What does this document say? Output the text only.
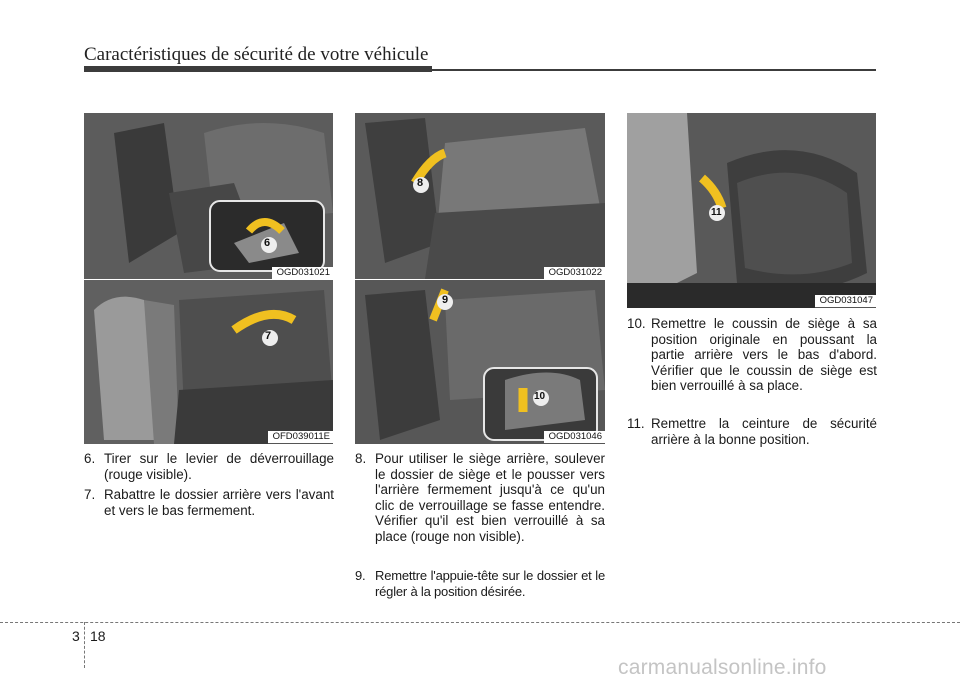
Caractéristiques de sécurité de votre véhicule
6
OGD031021
7
OFD039011E
8
OGD031022
9
10
OGD031046
11
OGD031047
6. Tirer sur le levier de déverrouillage (rouge visible).
7. Rabattre le dossier arrière vers l'avant et vers le bas fermement.
8. Pour utiliser le siège arrière, soulever le dossier de siège et le pousser vers l'arrière fermement jusqu'à ce qu'un clic de verrouillage se fasse entendre. Vérifier qu'il est bien verrouillé à sa place (rouge non visible).
9. Remettre l'appuie-tête sur le dossier et le régler à la position désirée.
10. Remettre le coussin de siège à sa position originale en poussant la partie arrière vers le bas d'abord. Vérifier que le coussin de siège est bien verrouillé à sa place.
11. Remettre la ceinture de sécurité arrière à la bonne position.
3 18
carmanualsonline.info
